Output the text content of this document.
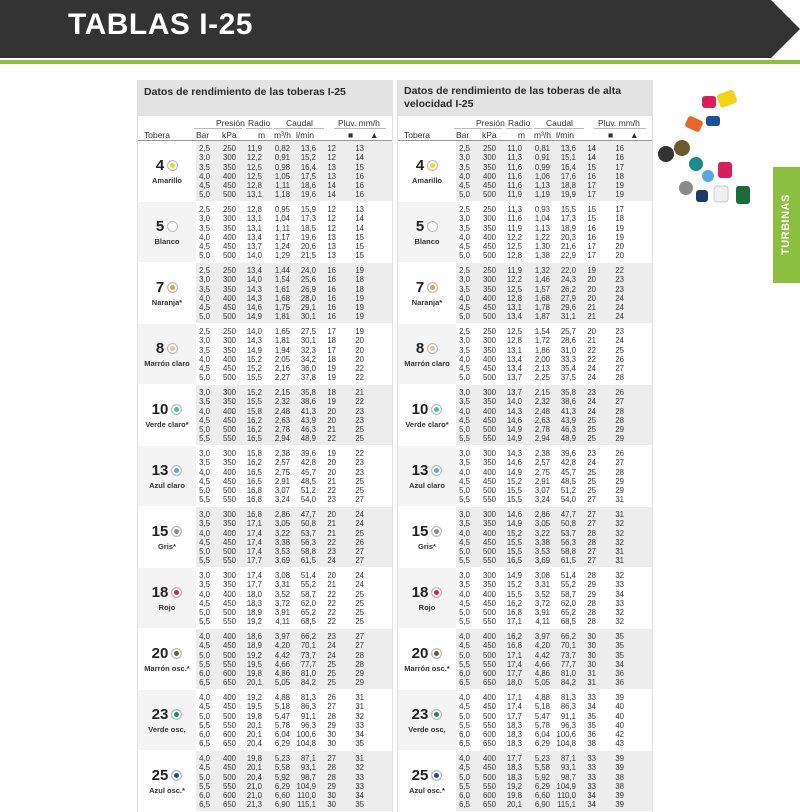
TABLAS I-25
Datos de rendimiento de las toberas I-25
Tobera
Presión
Bar kPa
Radio
m
Caudal
m³/h l/min
Pluv. mm/h
■ ▲
4
Amarillo
2,5	250	11,9	0,82	13,6	12	13
3,0	300	12,2	0,91	15,2	12	14
3,5	350	12,5	0,98	16,4	13	15
4,0	400	12,5	1,05	17,5	13	16
4,5	450	12,8	1,11	18,6	14	16
5,0	500	13,1	1,18	19,6	14	16
5
Blanco
2,5	250	12,8	0,95	15,9	12	13
3,0	300	13,1	1,04	17,3	12	14
3,5	350	13,1	1,11	18,5	12	14
4,0	400	13,4	1,17	19,6	13	15
4,5	450	13,7	1,24	20,6	13	15
5,0	500	14,0	1,29	21,5	13	15
7
Naranja*
2,5	250	13,4	1,44	24,0	16	19
3,0	300	14,0	1,54	25,6	16	18
3,5	350	14,3	1,61	26,9	16	18
4,0	400	14,3	1,68	28,0	16	19
4,5	450	14,6	1,75	29,1	16	19
5,0	500	14,9	1,81	30,1	16	19
8
Marrón claro
2,5	250	14,0	1,65	27,5	17	19
3,0	300	14,3	1,81	30,1	18	20
3,5	350	14,9	1,94	32,3	17	20
4,0	400	15,2	2,05	34,2	18	20
4,5	450	15,2	2,16	36,0	19	22
5,0	500	15,5	2,27	37,8	19	22
10
Verde claro*
3,0	300	15,2	2,15	35,8	18	21
3,5	350	15,5	2,32	38,6	19	22
4,0	400	15,8	2,48	41,3	20	23
4,5	450	16,2	2,63	43,9	20	23
5,0	500	16,2	2,78	46,3	21	25
5,5	550	16,5	2,94	48,9	22	25
13
Azul claro
3,0	300	15,8	2,38	39,6	19	22
3,5	350	16,2	2,57	42,8	20	23
4,0	400	16,5	2,75	45,7	20	23
4,5	450	16,5	2,91	48,5	21	25
5,0	500	16,8	3,07	51,2	22	25
5,5	550	16,8	3,24	54,0	23	27
15
Gris*
3,0	300	16,8	2,86	47,7	20	24
3,5	350	17,1	3,05	50,8	21	24
4,0	400	17,4	3,22	53,7	21	25
4,5	450	17,4	3,38	56,3	22	26
5,0	500	17,4	3,53	58,8	23	27
5,5	550	17,7	3,69	61,5	24	27
18
Rojo
3,0	300	17,4	3,08	51,4	20	24
3,5	350	17,7	3,31	55,2	21	24
4,0	400	18,0	3,52	58,7	22	25
4,5	450	18,3	3,72	62,0	22	25
5,0	500	18,9	3,91	65,2	22	25
5,5	550	19,2	4,11	68,5	22	25
20
Marrón osc.*
4,0	400	18,6	3,97	66,2	23	27
4,5	450	18,9	4,20	70,1	24	27
5,0	500	19,2	4,42	73,7	24	28
5,5	550	19,5	4,66	77,7	25	28
6,0	600	19,8	4,86	81,0	25	29
6,5	650	20,1	5,05	84,2	25	29
23
Verde osc,
4,0	400	19,2	4,88	81,3	26	31
4,5	450	19,5	5,18	86,3	27	31
5,0	500	19,8	5,47	91,1	28	32
5,5	550	20,1	5,78	96,3	29	33
6,0	600	20,1	6,04 100,6	30	34
6,5	650	20,4	6,29 104,8	30	35
25
Azul osc.*
4,0	400	19,8	5,23	87,1	27	31
4,5	450	20,1	5,58	93,1	28	32
5,0	500	20,4	5,92	98,7	28	33
5,5	550	21,0	6,29 104,9	29	33
6,0	600	21,0	6,60 110,0	30	34
6,5	650	21,3	6,90 115,1	30	35
Datos de rendimiento de las toberas de alta velocidad I-25
Tobera
Presión
Bar kPa
Radio
m
Caudal
m³/h l/min
Pluv. mm/h
■ ▲
4
Amarillo
2,5	250	11,0	0,81	13,6	14	16
3,0	300	11,3	0,91	15,1	14	16
3,5	350	11,6	0,99	16,4	15	17
4,0	400	11,6	1,06	17,6	16	18
4,5	450	11,6	1,13	18,8	17	19
5,0	500	11,9	1,19	19,9	17	19
5
Blanco
2,5	250	11,3	0,93	15,5	15	17
3,0	300	11,6	1,04	17,3	15	18
3,5	350	11,9	1,13	18,9	16	19
4,0	400	12,2	1,22	20,3	16	19
4,5	450	12,5	1,30	21,6	17	20
5,0	500	12,8	1,38	22,9	17	20
7
Naranja*
2,5	250	11,9	1,32	22,0	19	22
3,0	300	12,2	1,46	24,3	20	23
3,5	350	12,5	1,57	26,2	20	23
4,0	400	12,8	1,68	27,9	20	24
4,5	450	13,1	1,78	29,6	21	24
5,0	500	13,4	1,87	31,1	21	24
8
Marrón claro
2,5	250	12,5	1,54	25,7	20	23
3,0	300	12,8	1,72	28,6	21	24
3,5	350	13,1	1,86	31,0	22	25
4,0	400	13,4	2,00	33,3	22	26
4,5	450	13,4	2,13	35,4	24	27
5,0	500	13,7	2,25	37,5	24	28
10
Verde claro*
3,0	300	13,7	2,15	35,8	23	26
3,5	350	14,0	2,32	38,6	24	27
4,0	400	14,3	2,48	41,3	24	28
4,5	450	14,6	2,63	43,9	25	28
5,0	500	14,9	2,78	46,3	25	29
5,5	550	14,9	2,94	48,9	25	29
13
Azul claro
3,0	300	14,3	2,38	39,6	23	26
3,5	350	14,6	2,57	42,8	24	27
4,0	400	14,9	2,75	45,7	25	28
4,5	450	15,2	2,91	48,5	25	29
5,0	500	15,5	3,07	51,2	25	29
5,5	550	15,5	3,24	54,0	27	31
15
Gris*
3,0	300	14,6	2,86	47,7	27	31
3,5	350	14,9	3,05	50,8	27	32
4,0	400	15,2	3,22	53,7	28	32
4,5	450	15,5	3,38	56,3	28	32
5,0	500	15,5	3,53	58,8	27	31
5,5	550	16,5	3,69	61,5	27	31
18
Rojo
3,0	300	14,9	3,08	51,4	28	32
3,5	350	15,2	3,31	55,2	29	33
4,0	400	15,5	3,52	58,7	29	34
4,5	450	16,2	3,72	62,0	28	33
5,0	500	16,8	3,91	65,2	28	32
5,5	550	17,1	4,11	68,5	28	32
20
Marrón osc.*
4,0	400	16,2	3,97	66,2	30	35
4,5	450	16,8	4,20	70,1	30	35
5,0	500	17,1	4,42	73,7	30	35
5,5	550	17,4	4,66	77,7	30	34
6,0	600	17,7	4,86	81,0	31	36
6,5	650	18,0	5,05	84,2	31	36
23
Verde osc,
4,0	400	17,1	4,88	81,3	33	39
4,5	450	17,4	5,18	86,3	34	40
5,0	500	17,7	5,47	91,1	35	40
5,5	550	18,3	5,78	96,3	35	40
6,0	600	18,3	6,04 100,6	36	42
6,5	650	18,3	6,29 104,8	38	43
25
Azul osc.*
4,0	400	17,7	5,23	87,1	33	39
4,5	450	18,3	5,58	93,1	33	39
5,0	500	18,3	5,92	98,7	33	38
5,5	550	19,2	6,29 104,9	33	38
6,0	600	19,8	6,60 110,0	34	39
6,5	650	20,1	6,90 115,1	34	39
TURBINAS
